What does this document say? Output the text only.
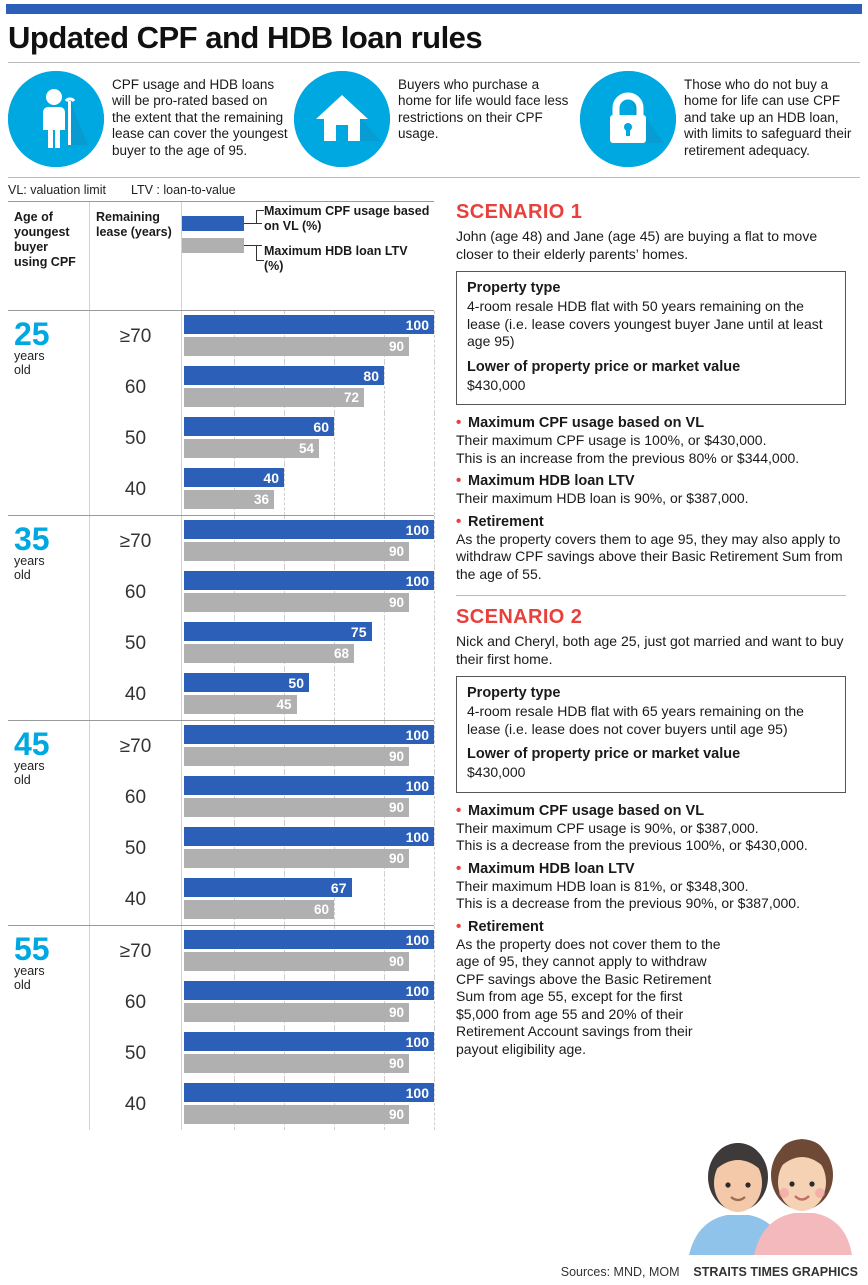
Updated CPF and HDB loan rules
CPF usage and HDB loans will be pro-rated based on the extent that the remaining lease can cover the youngest buyer to the age of 95.
Buyers who purchase a home for life would face less restrictions on their CPF usage.
Those who do not buy a home for life can use CPF and take up an HDB loan, with limits to safeguard their retirement adequacy.
VL: valuation limit LTV : loan-to-value
Age of youngest buyer using CPF
Remaining lease (years)
Maximum CPF usage based on VL (%)
Maximum HDB loan LTV (%)
25
years
old
≥70
100
90
60
80
72
50
60
54
40
40
36
35
years
old
≥70
100
90
60
100
90
50
75
68
40
50
45
45
years
old
≥70
100
90
60
100
90
50
100
90
40
67
60
55
years
old
≥70
100
90
60
100
90
50
100
90
40
100
90
SCENARIO 1
John (age 48) and Jane (age 45) are buying a flat to move closer to their elderly parents’ homes.
Property type

4-room resale HDB flat with 50 years remaining on the lease (i.e. lease covers youngest buyer Jane until at least age 95)

Lower of property price or market value

$430,000

• Maximum CPF usage based on VL
Their maximum CPF usage is 100%, or $430,000.
This is an increase from the previous 80% or $344,000.
• Maximum HDB loan LTV
Their maximum HDB loan is 90%, or $387,000.
• Retirement
As the property covers them to age 95, they may also apply to withdraw CPF savings above their Basic Retirement Sum from the age of 55.
SCENARIO 2
Nick and Cheryl, both age 25, just got married and want to buy their first home.
Property type

4-room resale HDB flat with 65 years remaining on the lease (i.e. lease does not cover buyers until age 95)

Lower of property price or market value

$430,000

• Maximum CPF usage based on VL
Their maximum CPF usage is 90%, or $387,000.
This is a decrease from the previous 100%, or $430,000.
• Maximum HDB loan LTV
Their maximum HDB loan is 81%, or $348,300.
This is a decrease from the previous 90%, or $387,000.
• Retirement
As the property does not cover them to the age of 95, they cannot apply to withdraw CPF savings above the Basic Retirement Sum from age 55, except for the first $5,000 from age 55 and 20% of their Retirement Account savings from their payout eligibility age.
Sources: MND, MOM STRAITS TIMES GRAPHICS
